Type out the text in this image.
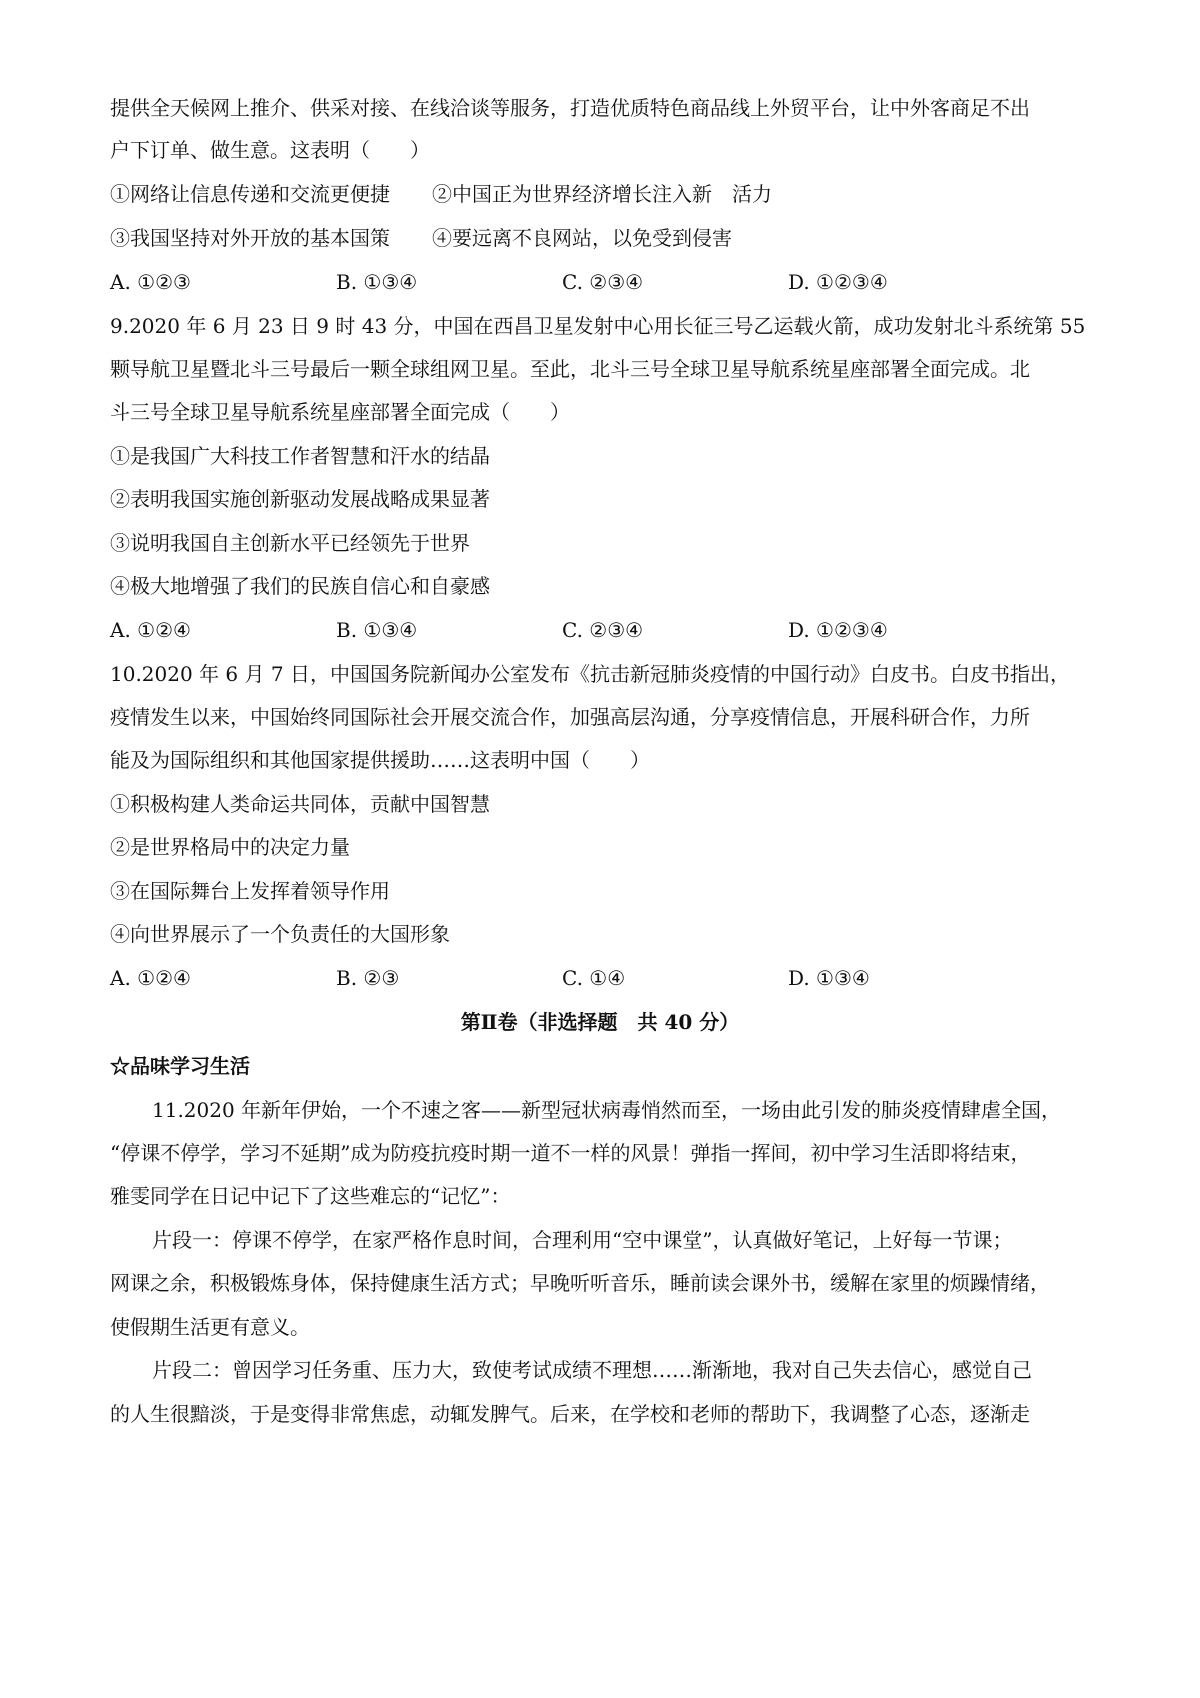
提供全天候网上推介、供采对接、在线洽谈等服务，打造优质特色商品线上外贸平台，让中外客商足不出
户下订单、做生意。这表明（　　）
①网络让信息传递和交流更便捷 ②中国正为世界经济增长注入新　活力
③我国坚持对外开放的基本国策 ④要远离不良网站，以免受到侵害
A. ①②③	B. ①③④	C. ②③④	D. ①②③④
9.2020 年 6 月 23 日 9 时 43 分，中国在西昌卫星发射中心用长征三号乙运载火箭，成功发射北斗系统第 55
颗导航卫星暨北斗三号最后一颗全球组网卫星。至此，北斗三号全球卫星导航系统星座部署全面完成。北
斗三号全球卫星导航系统星座部署全面完成（　　）
①是我国广大科技工作者智慧和汗水的结晶
②表明我国实施创新驱动发展战略成果显著
③说明我国自主创新水平已经领先于世界
④极大地增强了我们的民族自信心和自豪感
A. ①②④	B. ①③④	C. ②③④	D. ①②③④
10.2020 年 6 月 7 日，中国国务院新闻办公室发布《抗击新冠肺炎疫情的中国行动》白皮书。白皮书指出，
疫情发生以来，中国始终同国际社会开展交流合作，加强高层沟通，分享疫情信息，开展科研合作，力所
能及为国际组织和其他国家提供援助……这表明中国（　　）
①积极构建人类命运共同体，贡献中国智慧
②是世界格局中的决定力量
③在国际舞台上发挥着领导作用
④向世界展示了一个负责任的大国形象
A. ①②④	B. ②③	C. ①④	D. ①③④
第Ⅱ卷（非选择题　共 40 分）
☆品味学习生活
11.2020 年新年伊始，一个不速之客——新型冠状病毒悄然而至，一场由此引发的肺炎疫情肆虐全国，
“停课不停学，学习不延期”成为防疫抗疫时期一道不一样的风景！弹指一挥间，初中学习生活即将结束，
雅雯同学在日记中记下了这些难忘的“记忆”：
片段一：停课不停学，在家严格作息时间，合理利用“空中课堂”，认真做好笔记，上好每一节课；
网课之余，积极锻炼身体，保持健康生活方式；早晚听听音乐，睡前读会课外书，缓解在家里的烦躁情绪，
使假期生活更有意义。
片段二：曾因学习任务重、压力大，致使考试成绩不理想……渐渐地，我对自己失去信心，感觉自己
的人生很黯淡，于是变得非常焦虑，动辄发脾气。后来，在学校和老师的帮助下，我调整了心态，逐渐走
